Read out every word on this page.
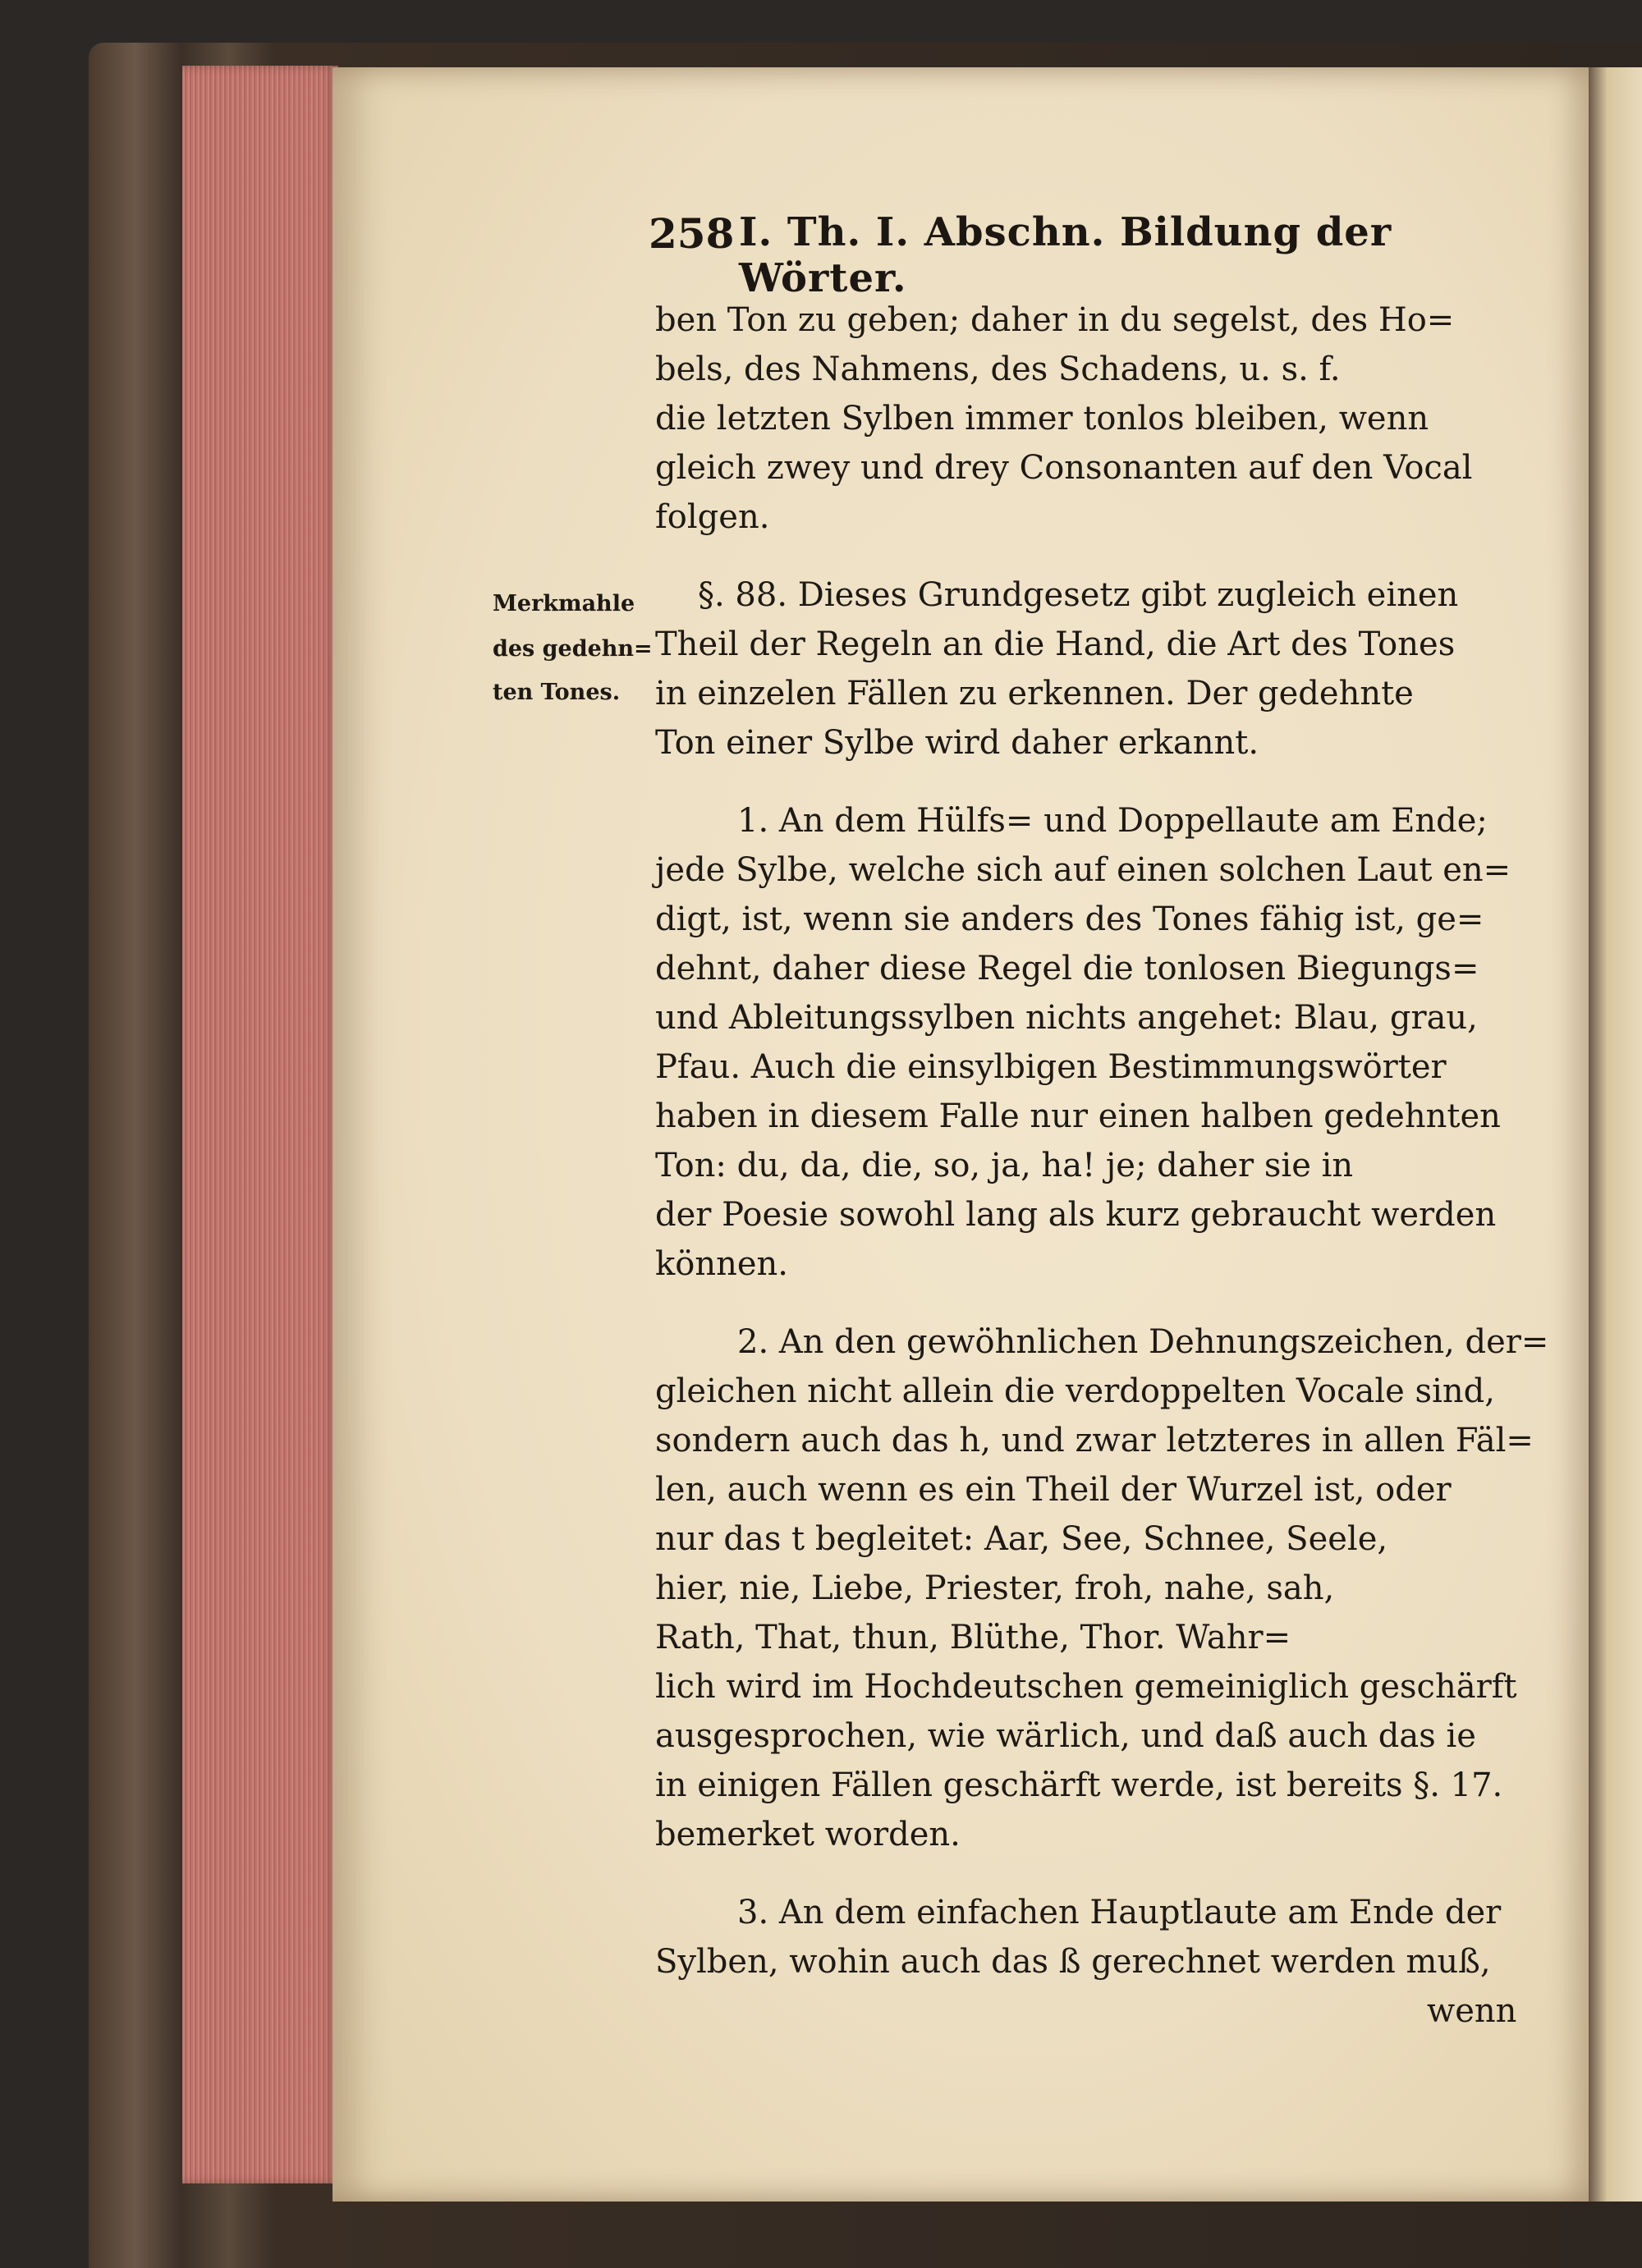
258 I. Th. I. Abschn. Bildung der Wörter.
Merkmahle
des gedehn=
ten Tones.
ben Ton zu geben; daher in du segelst, des Ho=
bels, des Nahmens, des Schadens, u. s. f.
die letzten Sylben immer tonlos bleiben, wenn
gleich zwey und drey Consonanten auf den Vocal
folgen.
§. 88. Dieses Grundgesetz gibt zugleich einen
Theil der Regeln an die Hand, die Art des Tones
in einzelen Fällen zu erkennen. Der gedehnte
Ton einer Sylbe wird daher erkannt.
1. An dem Hülfs= und Doppellaute am Ende;
jede Sylbe, welche sich auf einen solchen Laut en=
digt, ist, wenn sie anders des Tones fähig ist, ge=
dehnt, daher diese Regel die tonlosen Biegungs=
und Ableitungssylben nichts angehet: Blau, grau,
Pfau. Auch die einsylbigen Bestimmungswörter
haben in diesem Falle nur einen halben gedehnten
Ton: du, da, die, so, ja, ha! je; daher sie in
der Poesie sowohl lang als kurz gebraucht werden
können.
2. An den gewöhnlichen Dehnungszeichen, der=
gleichen nicht allein die verdoppelten Vocale sind,
sondern auch das h, und zwar letzteres in allen Fäl=
len, auch wenn es ein Theil der Wurzel ist, oder
nur das t begleitet: Aar, See, Schnee, Seele,
hier, nie, Liebe, Priester, froh, nahe, sah,
Rath, That, thun, Blüthe, Thor. Wahr=
lich wird im Hochdeutschen gemeiniglich geschärft
ausgesprochen, wie wärlich, und daß auch das ie
in einigen Fällen geschärft werde, ist bereits §. 17.
bemerket worden.
3. An dem einfachen Hauptlaute am Ende der
Sylben, wohin auch das ß gerechnet werden muß,
wenn
